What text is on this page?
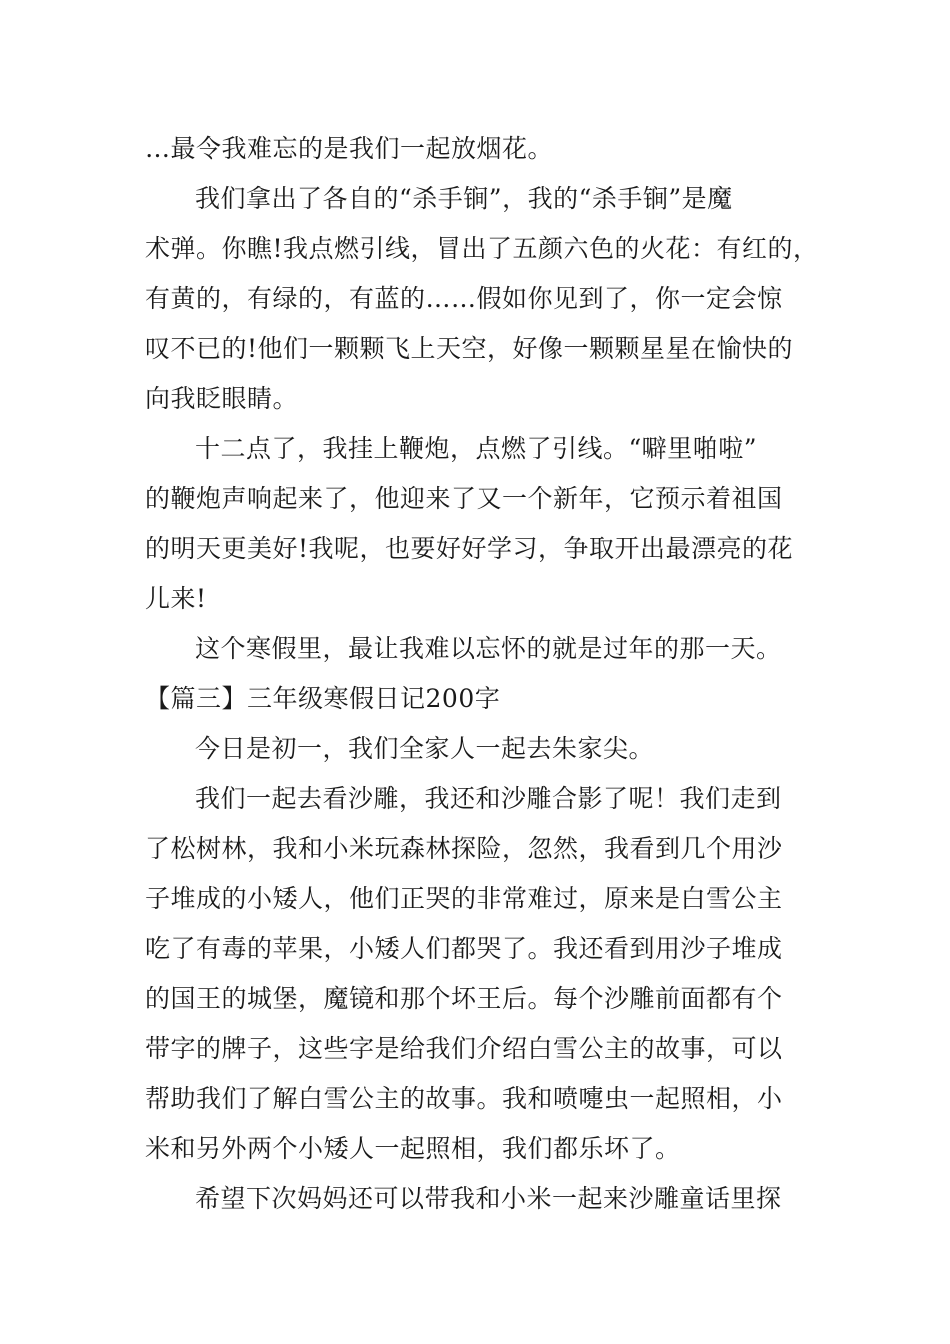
…最令我难忘的是我们一起放烟花。
我们拿出了各自的“杀手锏”，我的“杀手锏”是魔
术弹。你瞧!我点燃引线，冒出了五颜六色的火花：有红的，
有黄的，有绿的，有蓝的……假如你见到了，你一定会惊
叹不已的!他们一颗颗飞上天空，好像一颗颗星星在愉快的
向我眨眼睛。
十二点了，我挂上鞭炮，点燃了引线。“噼里啪啦”
的鞭炮声响起来了，他迎来了又一个新年，它预示着祖国
的明天更美好!我呢，也要好好学习，争取开出最漂亮的花
儿来!
这个寒假里，最让我难以忘怀的就是过年的那一天。
【篇三】三年级寒假日记200字
今日是初一，我们全家人一起去朱家尖。
我们一起去看沙雕，我还和沙雕合影了呢！我们走到
了松树林，我和小米玩森林探险，忽然，我看到几个用沙
子堆成的小矮人，他们正哭的非常难过，原来是白雪公主
吃了有毒的苹果，小矮人们都哭了。我还看到用沙子堆成
的国王的城堡，魔镜和那个坏王后。每个沙雕前面都有个
带字的牌子，这些字是给我们介绍白雪公主的故事，可以
帮助我们了解白雪公主的故事。我和喷嚏虫一起照相，小
米和另外两个小矮人一起照相，我们都乐坏了。
希望下次妈妈还可以带我和小米一起来沙雕童话里探
